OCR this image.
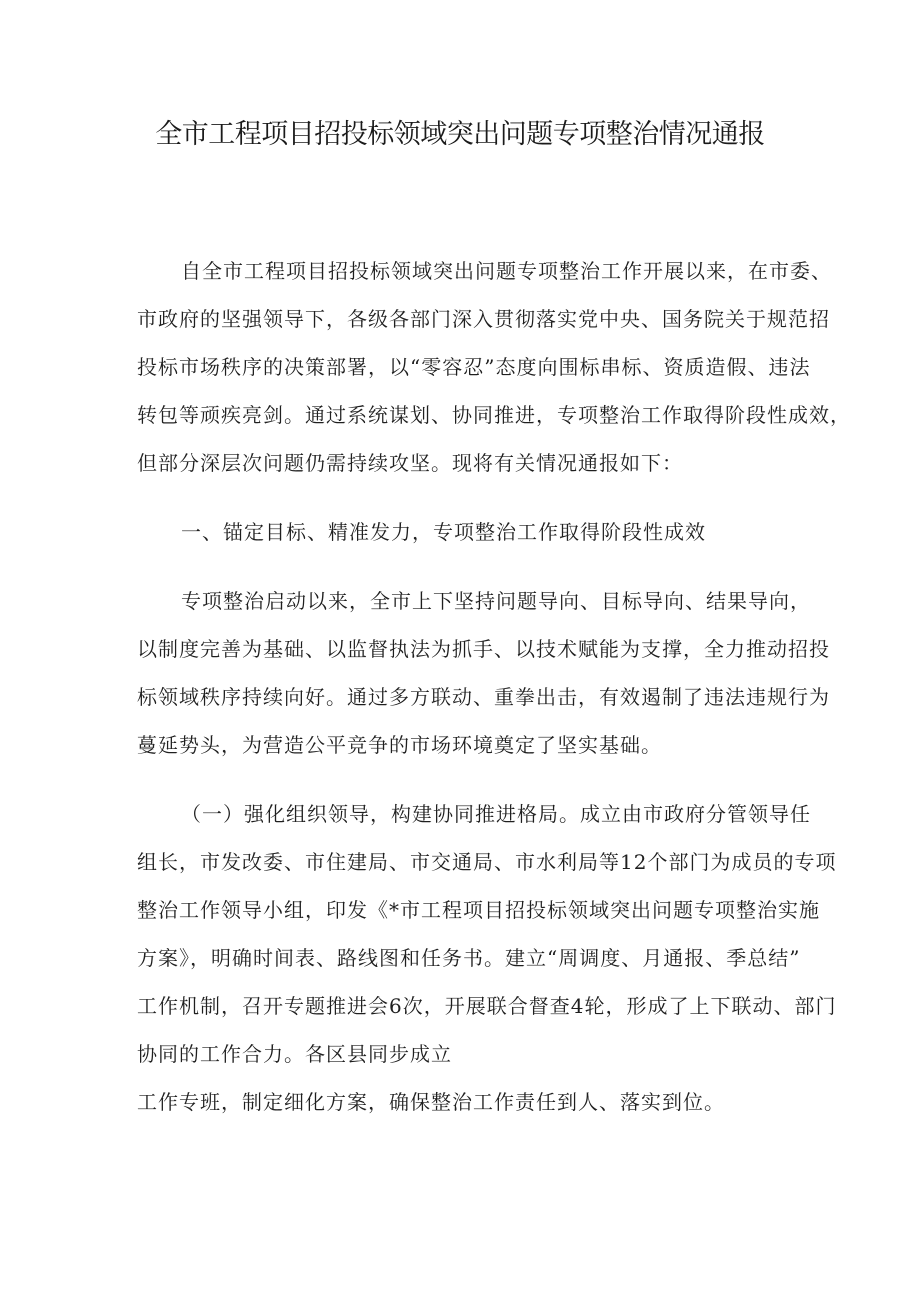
全市工程项目招投标领域突出问题专项整治情况通报

自全市工程项目招投标领域突出问题专项整治工作开展以来，在市委、

市政府的坚强领导下，各级各部门深入贯彻落实党中央、国务院关于规范招

投标市场秩序的决策部署，以“零容忍”态度向围标串标、资质造假、违法

转包等顽疾亮剑。通过系统谋划、协同推进，专项整治工作取得阶段性成效，

但部分深层次问题仍需持续攻坚。现将有关情况通报如下：

一、锚定目标、精准发力，专项整治工作取得阶段性成效

专项整治启动以来，全市上下坚持问题导向、目标导向、结果导向，

以制度完善为基础、以监督执法为抓手、以技术赋能为支撑，全力推动招投

标领域秩序持续向好。通过多方联动、重拳出击，有效遏制了违法违规行为

蔓延势头，为营造公平竞争的市场环境奠定了坚实基础。

（一）强化组织领导，构建协同推进格局。成立由市政府分管领导任

组长，市发改委、市住建局、市交通局、市水利局等12个部门为成员的专项

整治工作领导小组，印发《*市工程项目招投标领域突出问题专项整治实施

方案》，明确时间表、路线图和任务书。建立“周调度、月通报、季总结”

工作机制，召开专题推进会6次，开展联合督查4轮，形成了上下联动、部门

协同的工作合力。各区县同步成立

工作专班，制定细化方案，确保整治工作责任到人、落实到位。
